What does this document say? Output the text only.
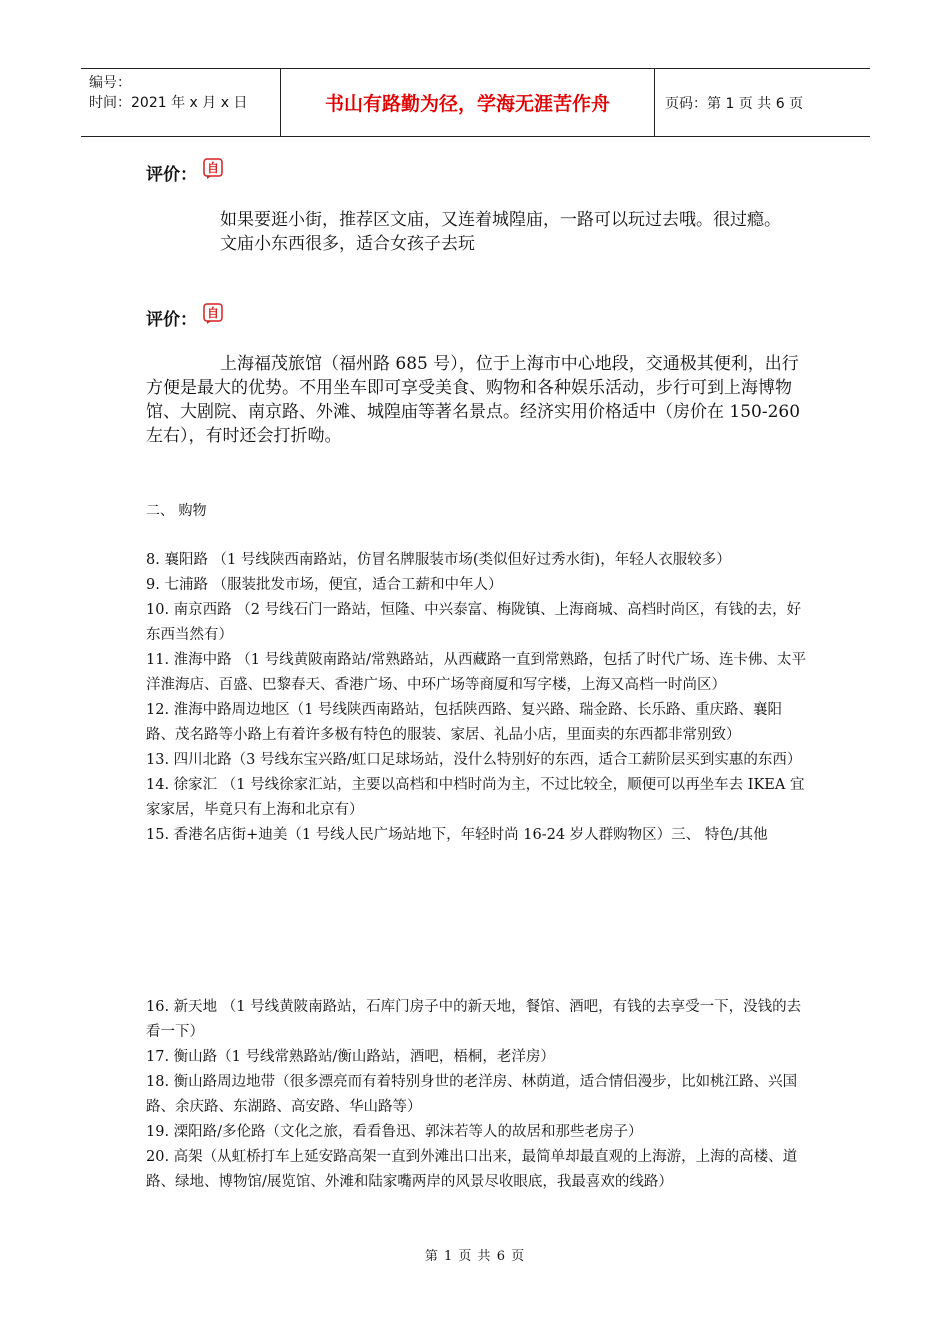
编号：
时间：2021 年 x 月 x 日	书山有路勤为径，学海无涯苦作舟	页码：第 1 页 共 6 页
评价： 自

如果要逛小街，推荐区文庙，又连着城隍庙，一路可以玩过去哦。很过瘾。

文庙小东西很多，适合女孩子去玩

评价： 自

上海福茂旅馆（福州路 685 号），位于上海市中心地段，交通极其便利，出行方便是最大的优势。不用坐车即可享受美食、购物和各种娱乐活动，步行可到上海博物馆、大剧院、南京路、外滩、城隍庙等著名景点。经济实用价格适中（房价在 150-260 左右），有时还会打折呦。

二、 购物

8. 襄阳路 （1 号线陕西南路站，仿冒名牌服装市场(类似但好过秀水街)，年轻人衣服较多）

9. 七浦路 （服装批发市场，便宜，适合工薪和中年人）

10. 南京西路 （2 号线石门一路站，恒隆、中兴泰富、梅陇镇、上海商城、高档时尚区，有钱的去，好东西当然有）

11. 淮海中路 （1 号线黄陂南路站/常熟路站，从西藏路一直到常熟路，包括了时代广场、连卡佛、太平洋淮海店、百盛、巴黎春天、香港广场、中环广场等商厦和写字楼，上海又高档一时尚区）

12. 淮海中路周边地区（1 号线陕西南路站，包括陕西路、复兴路、瑞金路、长乐路、重庆路、襄阳路、茂名路等小路上有着许多极有特色的服装、家居、礼品小店，里面卖的东西都非常别致）

13. 四川北路（3 号线东宝兴路/虹口足球场站，没什么特别好的东西，适合工薪阶层买到实惠的东西）

14. 徐家汇 （1 号线徐家汇站，主要以高档和中档时尚为主，不过比较全，顺便可以再坐车去 IKEA 宜家家居，毕竟只有上海和北京有）

15. 香港名店街+迪美（1 号线人民广场站地下，年轻时尚 16-24 岁人群购物区）三、 特色/其他

16. 新天地 （1 号线黄陂南路站，石库门房子中的新天地，餐馆、酒吧，有钱的去享受一下，没钱的去看一下）

17. 衡山路（1 号线常熟路站/衡山路站，酒吧，梧桐，老洋房）

18. 衡山路周边地带（很多漂亮而有着特别身世的老洋房、林荫道，适合情侣漫步，比如桃江路、兴国路、余庆路、东湖路、高安路、华山路等）

19. 溧阳路/多伦路（文化之旅，看看鲁迅、郭沫若等人的故居和那些老房子）

20. 高架（从虹桥打车上延安路高架一直到外滩出口出来，最简单却最直观的上海游，上海的高楼、道路、绿地、博物馆/展览馆、外滩和陆家嘴两岸的风景尽收眼底，我最喜欢的线路）

第 1 页 共 6 页
